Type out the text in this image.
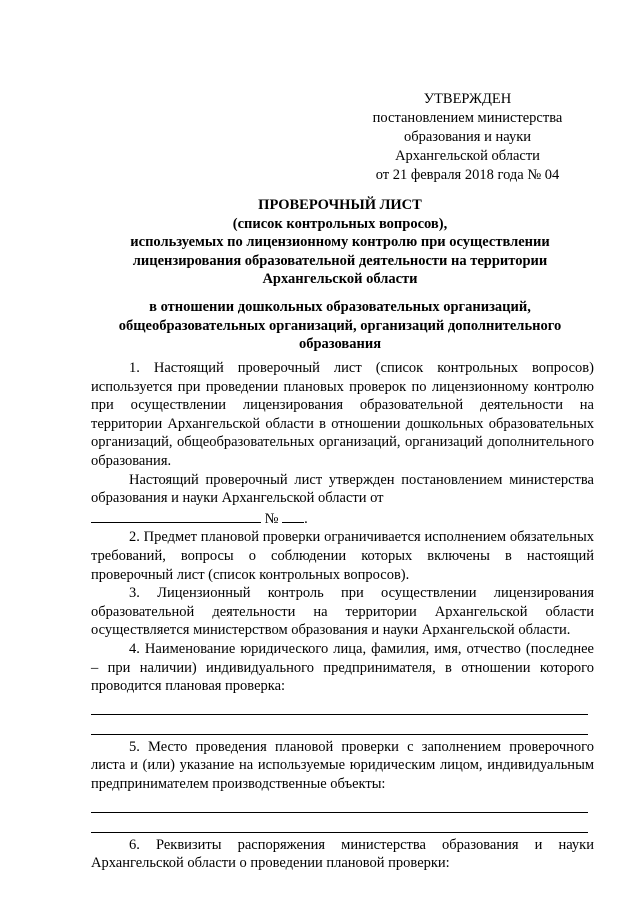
УТВЕРЖДЕН
постановлением министерства
образования и науки
Архангельской области
от 21 февраля 2018 года № 04
ПРОВЕРОЧНЫЙ ЛИСТ
(список контрольных вопросов),
используемых по лицензионному контролю при осуществлении
лицензирования образовательной деятельности на территории
Архангельской области
в отношении дошкольных образовательных организаций,
общеобразовательных организаций, организаций дополнительного
образования

1. Настоящий проверочный лист (список контрольных вопросов) используется при проведении плановых проверок по лицензионному контролю при осуществлении лицензирования образовательной деятельности на территории Архангельской области в отношении дошкольных образовательных организаций, общеобразовательных организаций, организаций дополнительного образования.

Настоящий проверочный лист утвержден постановлением министерства образования и науки Архангельской области от
№ .

2. Предмет плановой проверки ограничивается исполнением обязательных требований, вопросы о соблюдении которых включены в настоящий проверочный лист (список контрольных вопросов).

3. Лицензионный контроль при осуществлении лицензирования образовательной деятельности на территории Архангельской области осуществляется министерством образования и науки Архангельской области.

4. Наименование юридического лица, фамилия, имя, отчество (последнее – при наличии) индивидуального предпринимателя, в отношении которого проводится плановая проверка:

5. Место проведения плановой проверки с заполнением проверочного листа и (или) указание на используемые юридическим лицом, индивидуальным предпринимателем производственные объекты:

6. Реквизиты распоряжения министерства образования и науки Архангельской области о проведении плановой проверки:
